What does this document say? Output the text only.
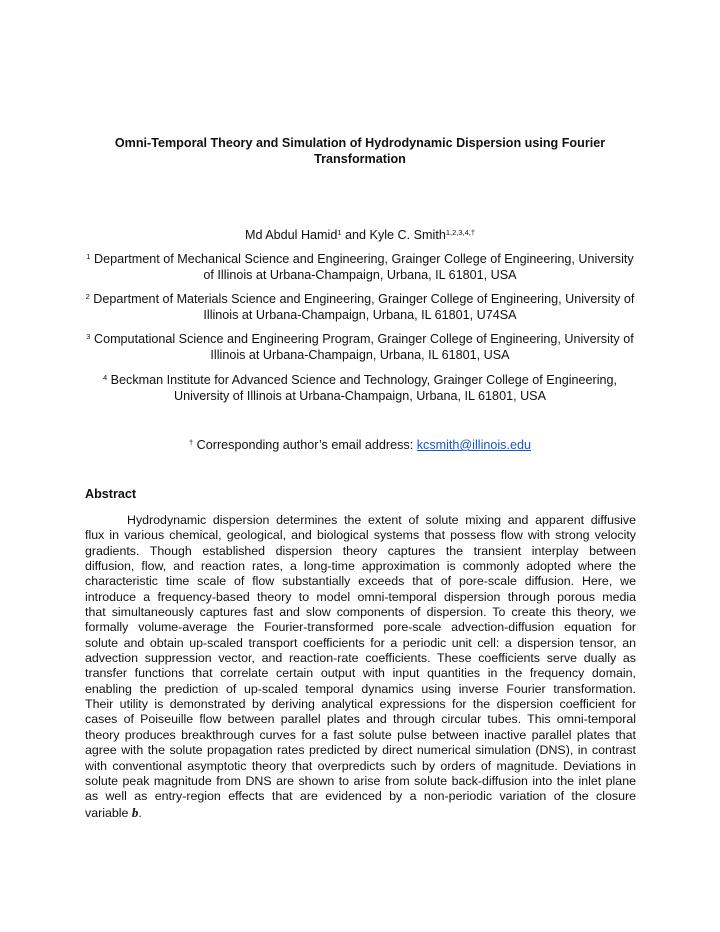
Omni-Temporal Theory and Simulation of Hydrodynamic Dispersion using Fourier Transformation
Md Abdul Hamid$^1$ and Kyle C. Smith$^{1,2,3,4,\dagger}$
$^1$ Department of Mechanical Science and Engineering, Grainger College of Engineering, University of Illinois at Urbana-Champaign, Urbana, IL 61801, USA
$^2$ Department of Materials Science and Engineering, Grainger College of Engineering, University of Illinois at Urbana-Champaign, Urbana, IL 61801, U74SA
$^3$ Computational Science and Engineering Program, Grainger College of Engineering, University of Illinois at Urbana-Champaign, Urbana, IL 61801, USA
$^4$ Beckman Institute for Advanced Science and Technology, Grainger College of Engineering, University of Illinois at Urbana-Champaign, Urbana, IL 61801, USA
† Corresponding author’s email address: kcsmith@illinois.edu
Abstract
Hydrodynamic dispersion determines the extent of solute mixing and apparent diffusive
flux in various chemical, geological, and biological systems that possess flow with strong velocity
gradients. Though established dispersion theory captures the transient interplay between
diffusion, flow, and reaction rates, a long-time approximation is commonly adopted where the
characteristic time scale of flow substantially exceeds that of pore-scale diffusion. Here, we
introduce a frequency-based theory to model omni-temporal dispersion through porous media
that simultaneously captures fast and slow components of dispersion. To create this theory, we
formally volume-average the Fourier-transformed pore-scale advection-diffusion equation for
solute and obtain up-scaled transport coefficients for a periodic unit cell: a dispersion tensor, an
advection suppression vector, and reaction-rate coefficients. These coefficients serve dually as
transfer functions that correlate certain output with input quantities in the frequency domain,
enabling the prediction of up-scaled temporal dynamics using inverse Fourier transformation.
Their utility is demonstrated by deriving analytical expressions for the dispersion coefficient for
cases of Poiseuille flow between parallel plates and through circular tubes. This omni-temporal
theory produces breakthrough curves for a fast solute pulse between inactive parallel plates that
agree with the solute propagation rates predicted by direct numerical simulation (DNS), in contrast
with conventional asymptotic theory that overpredicts such by orders of magnitude. Deviations in
solute peak magnitude from DNS are shown to arise from solute back-diffusion into the inlet plane
as well as entry-region effects that are evidenced by a non-periodic variation of the closure
variable b.
